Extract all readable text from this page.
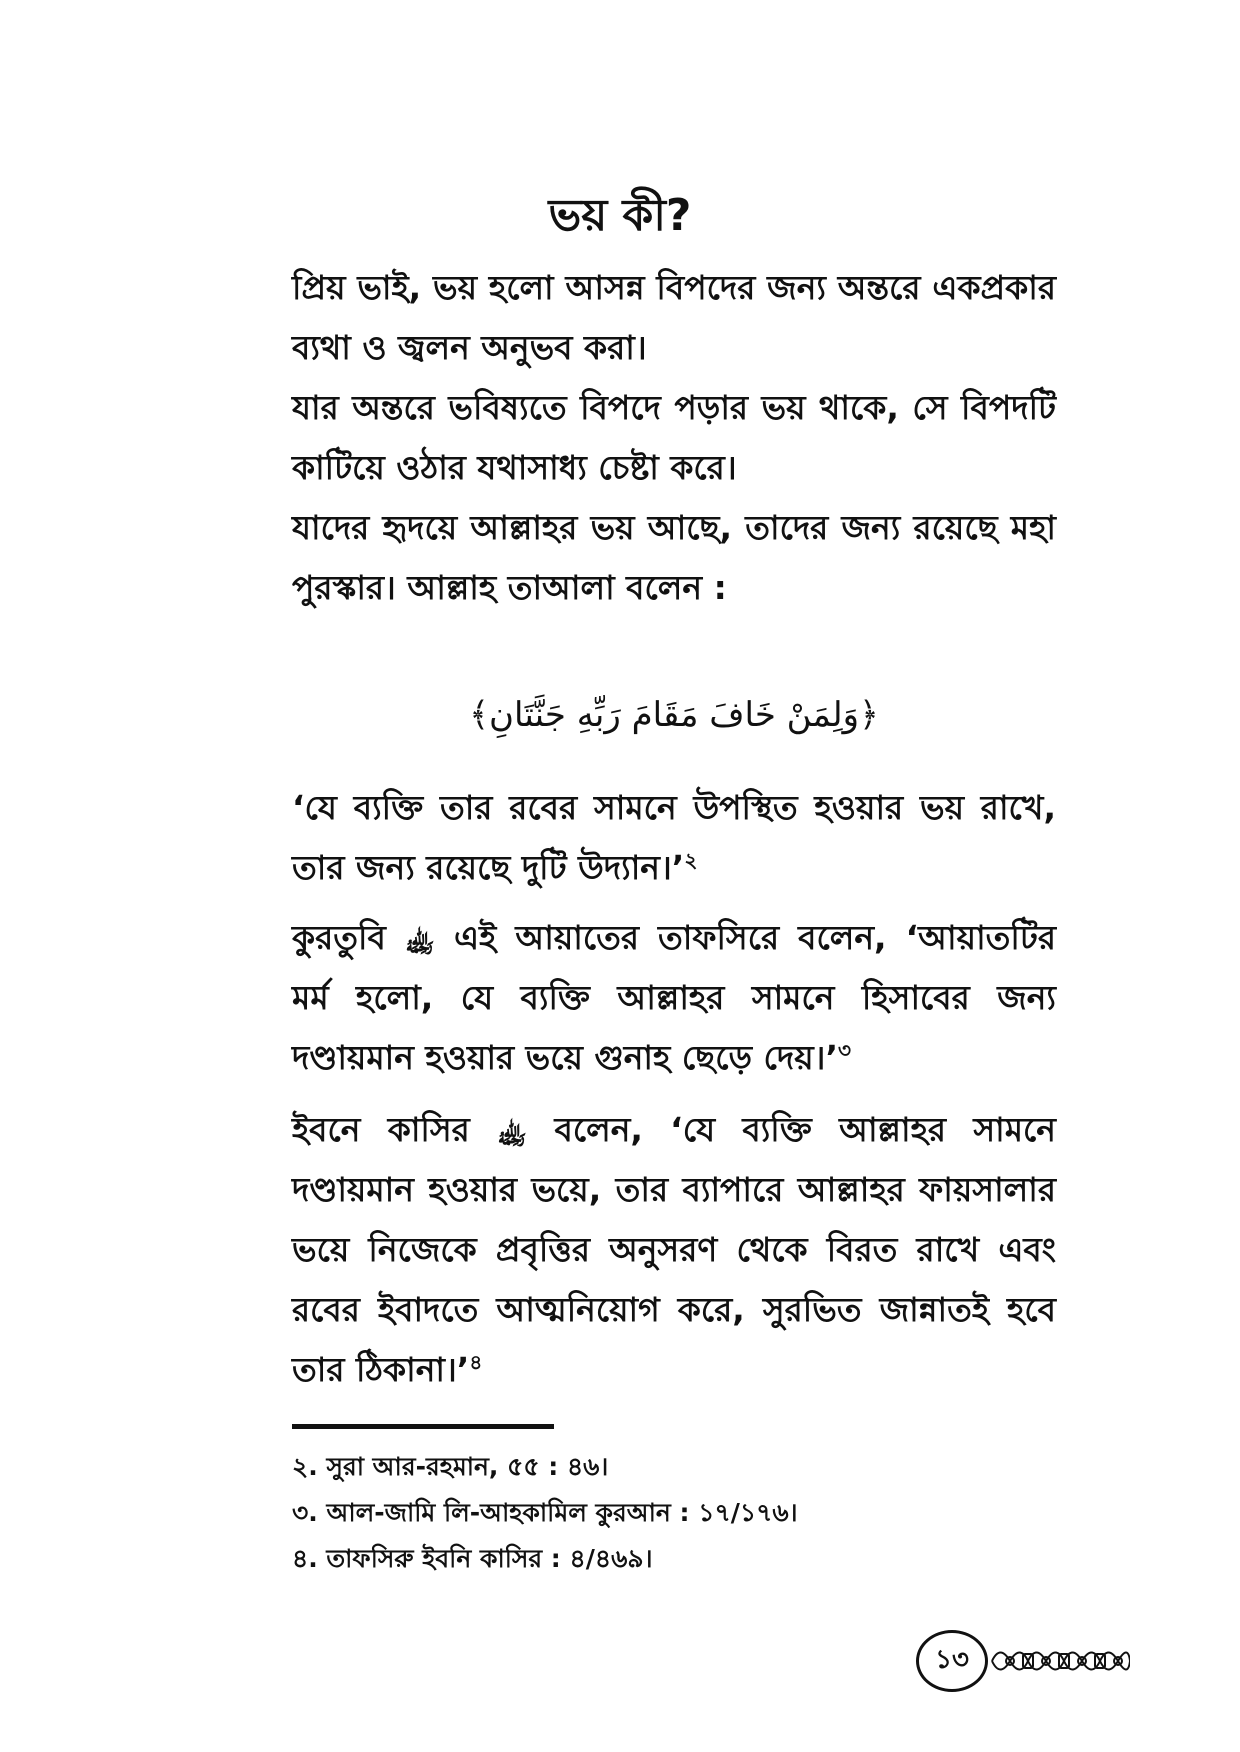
ভয় কী?

প্রিয় ভাই, ভয় হলো আসন্ন বিপদের জন্য অন্তরে একপ্রকার ব্যথা ও জ্বলন অনুভব করা।

যার অন্তরে ভবিষ্যতে বিপদে পড়ার ভয় থাকে, সে বিপদটি কাটিয়ে ওঠার যথাসাধ্য চেষ্টা করে।

যাদের হৃদয়ে আল্লাহর ভয় আছে, তাদের জন্য রয়েছে মহা পুরস্কার। আল্লাহ তাআলা বলেন :

﴿وَلِمَنْ خَافَ مَقَامَ رَبِّهِ جَنَّتَانِ﴾

‘যে ব্যক্তি তার রবের সামনে উপস্থিত হওয়ার ভয় রাখে, তার জন্য রয়েছে দুটি উদ্যান।’$^২$

কুরতুবি ﵀ এই আয়াতের তাফসিরে বলেন, ‘আয়াতটির মর্ম হলো, যে ব্যক্তি আল্লাহর সামনে হিসাবের জন্য দণ্ডায়মান হওয়ার ভয়ে গুনাহ ছেড়ে দেয়।’$^৩$

ইবনে কাসির ﵀ বলেন, ‘যে ব্যক্তি আল্লাহর সামনে দণ্ডায়মান হওয়ার ভয়ে, তার ব্যাপারে আল্লাহর ফায়সালার ভয়ে নিজেকে প্রবৃত্তির অনুসরণ থেকে বিরত রাখে এবং রবের ইবাদতে আত্মনিয়োগ করে, সুরভিত জান্নাতই হবে তার ঠিকানা।’$^৪$

২. সুরা আর-রহমান, ৫৫ : ৪৬।
৩. আল-জামি লি-আহকামিল কুরআন : ১৭/১৭৬।
৪. তাফসিরু ইবনি কাসির : ৪/৪৬৯।
১৩
